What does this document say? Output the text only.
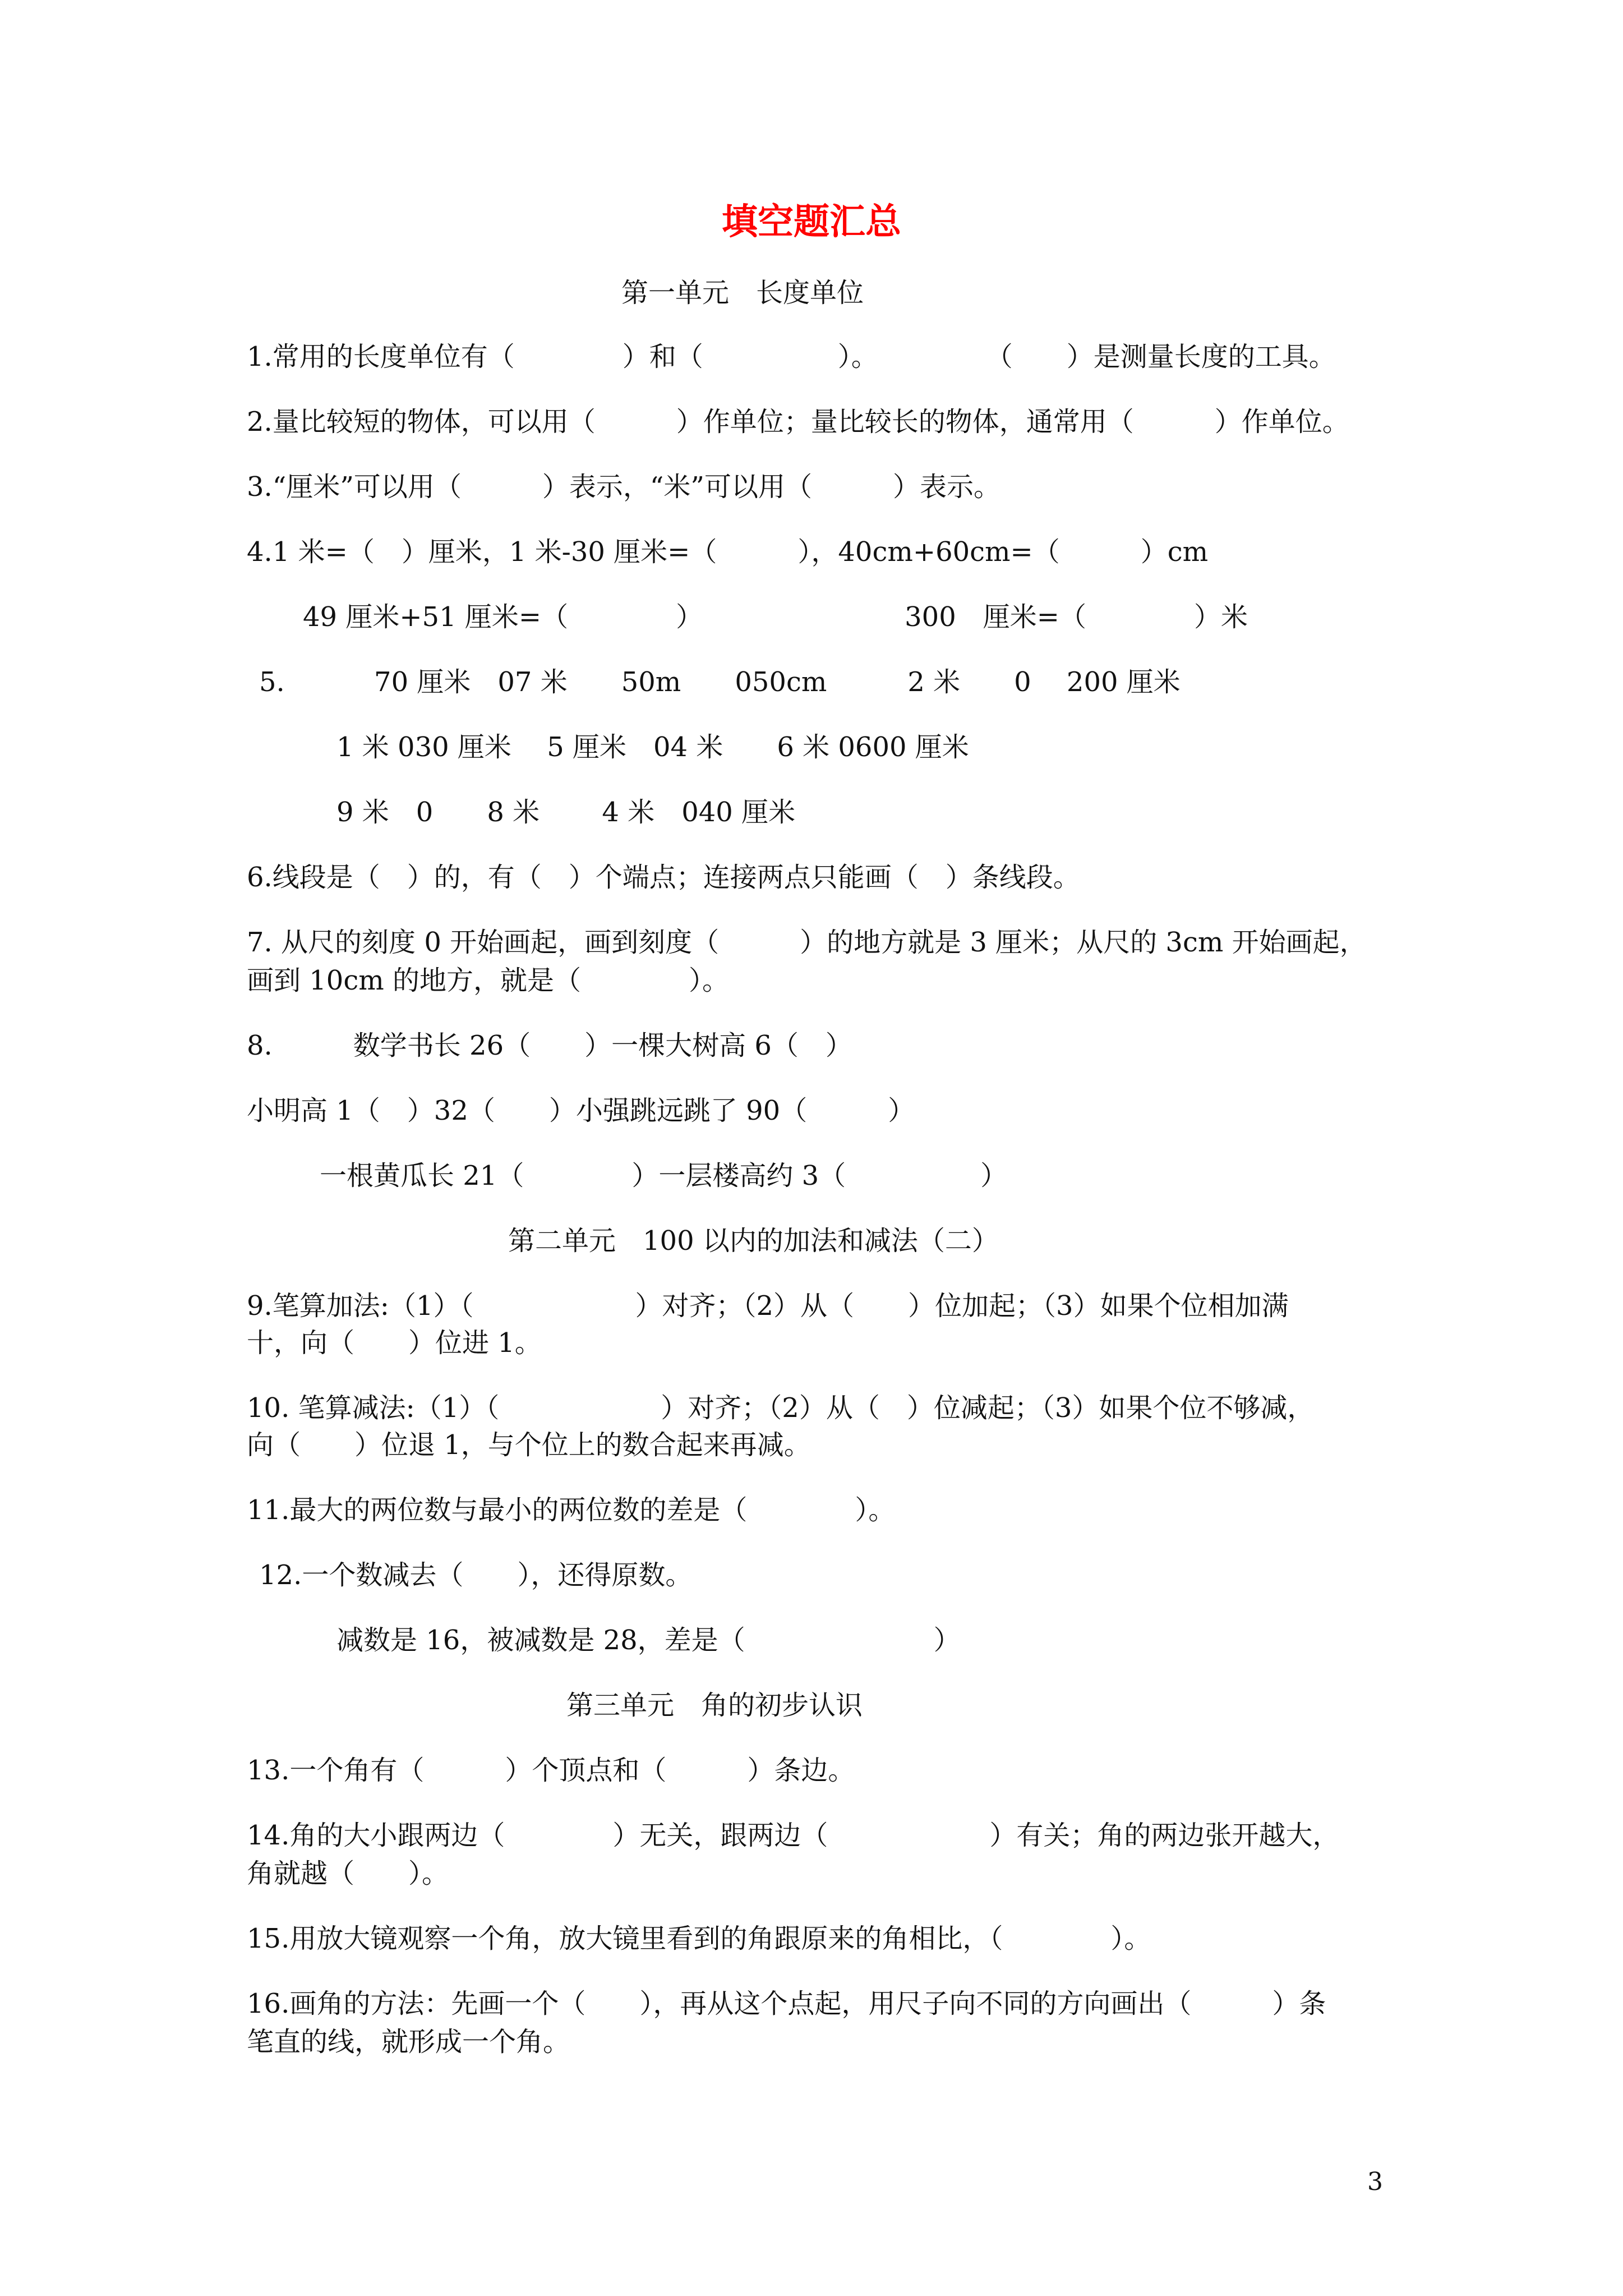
填空题汇总
第一单元　长度单位
1.常用的长度单位有（　　　　）和（　　　　　）。　　　　　（　　）是测量长度的工具。
2.量比较短的物体，可以用（　　　）作单位；量比较长的物体，通常用（　　　）作单位。
3.“厘米”可以用（　　　）表示，“米”可以用（　　　）表示。
4.1 米=（　）厘米，1 米-30 厘米=（　　　），40cm+60cm=（　　　）cm
49 厘米+51 厘米=（　　　　）　　　　　　　　300　厘米=（　　　　）米
5.　　　 70 厘米　07 米　　50m　　050cm　　　2 米　　0　 200 厘米
1 米 030 厘米　 5 厘米　04 米　　6 米 0600 厘米
9 米　0　　8 米　　 4 米　040 厘米
6.线段是（　）的，有（　）个端点；连接两点只能画（　）条线段。
7. 从尺的刻度 0 开始画起，画到刻度（　　　）的地方就是 3 厘米；从尺的 3cm 开始画起，
画到 10cm 的地方，就是（　　　　）。
8.　　　数学书长 26（　　）一棵大树高 6（　）
小明高 1（　）32（　　）小强跳远跳了 90（　　　）
一根黄瓜长 21（　　　　）一层楼高约 3（　　　　　）
第二单元　100 以内的加法和减法（二）
9.笔算加法:（1）（　　　　　　）对齐；（2）从（　　）位加起；（3）如果个位相加满
十，向（　　）位进 1。
10. 笔算减法:（1）（　　　　　　）对齐；（2）从（　）位减起；（3）如果个位不够减，
向（　　）位退 1，与个位上的数合起来再减。
11.最大的两位数与最小的两位数的差是（　　　　）。
12.一个数减去（　　），还得原数。
减数是 16，被减数是 28，差是（　　　　　　　）
第三单元　角的初步认识
13.一个角有（　　　）个顶点和（　　　）条边。
14.角的大小跟两边（　　　　）无关，跟两边（　　　　　　）有关；角的两边张开越大，
角就越（　　）。
15.用放大镜观察一个角，放大镜里看到的角跟原来的角相比，（　　　　）。
16.画角的方法：先画一个（　　），再从这个点起，用尺子向不同的方向画出（　　　）条
笔直的线，就形成一个角。
3
